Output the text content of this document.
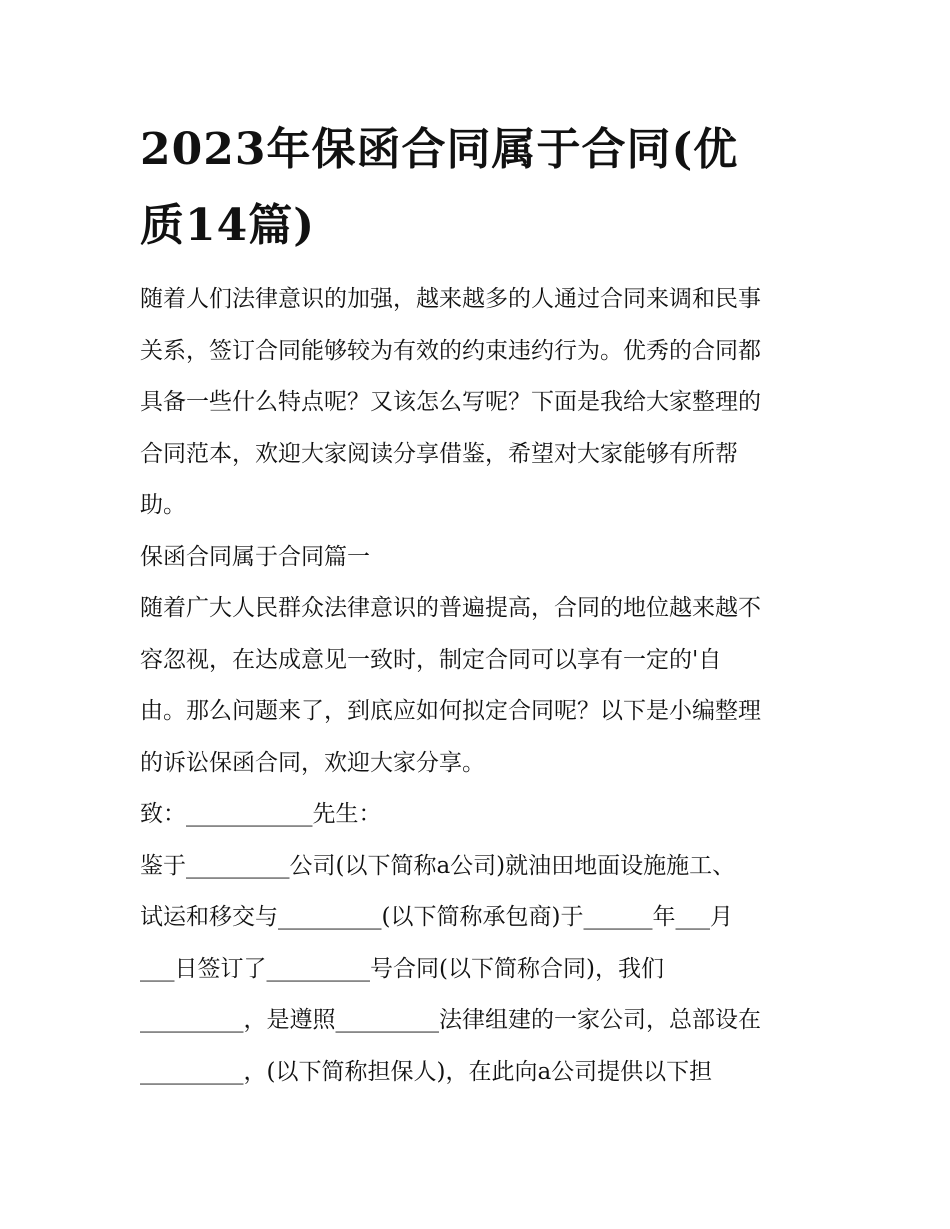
2023年保函合同属于合同(优
质14篇)

随着人们法律意识的加强，越来越多的人通过合同来调和民事

关系，签订合同能够较为有效的约束违约行为。优秀的合同都

具备一些什么特点呢？又该怎么写呢？下面是我给大家整理的

合同范本，欢迎大家阅读分享借鉴，希望对大家能够有所帮

助。

保函合同属于合同篇一

随着广大人民群众法律意识的普遍提高，合同的地位越来越不

容忽视，在达成意见一致时，制定合同可以享有一定的'自

由。那么问题来了，到底应如何拟定合同呢？以下是小编整理

的诉讼保函合同，欢迎大家分享。

致：___________先生：

鉴于_________公司(以下简称a公司)就油田地面设施施工、

试运和移交与_________(以下简称承包商)于______年___月

___日签订了_________号合同(以下简称合同)，我们

_________，是遵照_________法律组建的一家公司，总部设在

_________，(以下简称担保人)，在此向a公司提供以下担
